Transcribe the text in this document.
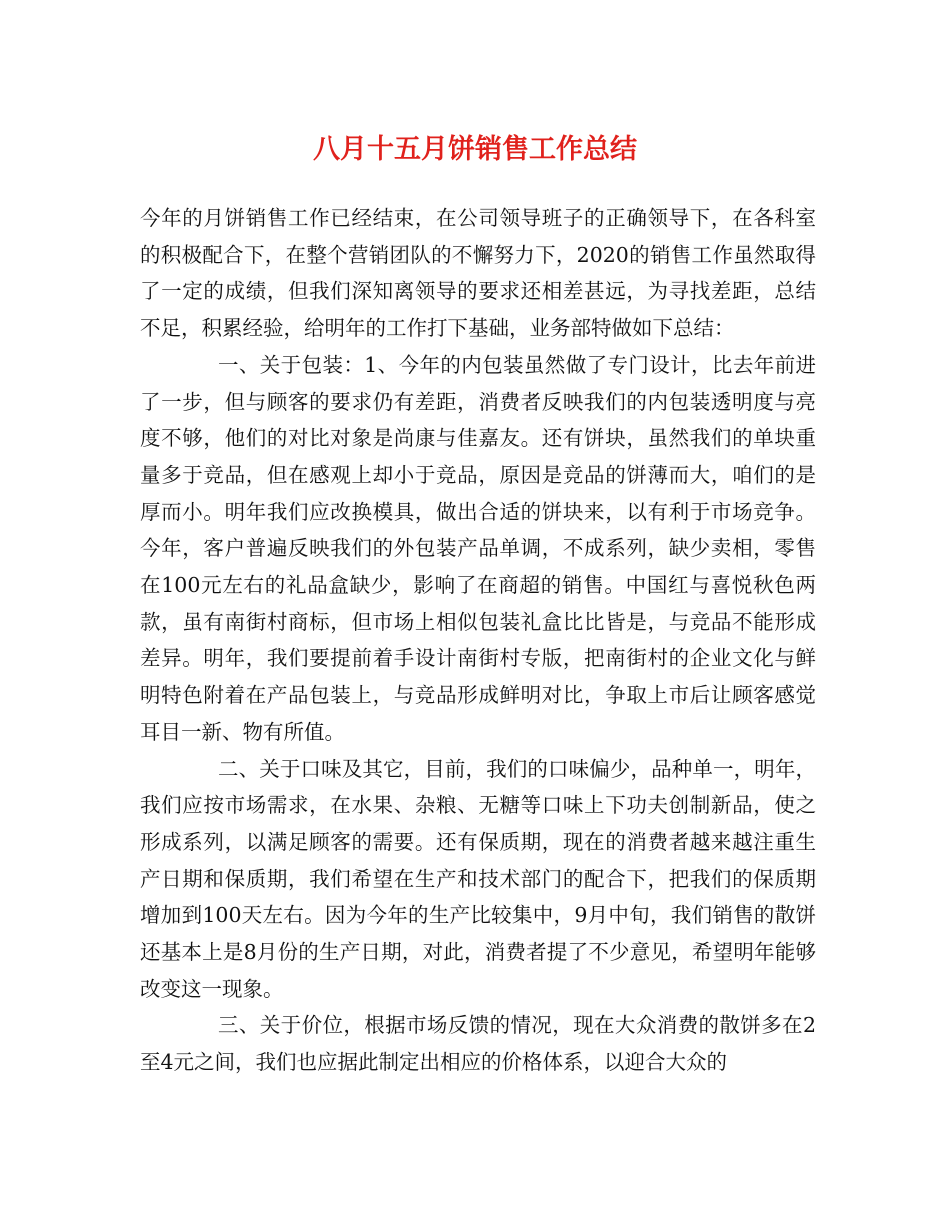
八月十五月饼销售工作总结

今年的月饼销售工作已经结束，在公司领导班子的正确领导下，在各科室的积极配合下，在整个营销团队的不懈努力下，2020的销售工作虽然取得了一定的成绩，但我们深知离领导的要求还相差甚远，为寻找差距，总结不足，积累经验，给明年的工作打下基础，业务部特做如下总结：

一、关于包装：1、今年的内包装虽然做了专门设计，比去年前进了一步，但与顾客的要求仍有差距，消费者反映我们的内包装透明度与亮度不够，他们的对比对象是尚康与佳嘉友。还有饼块，虽然我们的单块重量多于竞品，但在感观上却小于竞品，原因是竞品的饼薄而大，咱们的是厚而小。明年我们应改换模具，做出合适的饼块来，以有利于市场竞争。今年，客户普遍反映我们的外包装产品单调，不成系列，缺少卖相，零售在100元左右的礼品盒缺少，影响了在商超的销售。中国红与喜悦秋色两款，虽有南街村商标，但市场上相似包装礼盒比比皆是，与竞品不能形成差异。明年，我们要提前着手设计南街村专版，把南街村的企业文化与鲜明特色附着在产品包装上，与竞品形成鲜明对比，争取上市后让顾客感觉耳目一新、物有所值。

二、关于口味及其它，目前，我们的口味偏少，品种单一，明年，我们应按市场需求，在水果、杂粮、无糖等口味上下功夫创制新品，使之形成系列，以满足顾客的需要。还有保质期，现在的消费者越来越注重生产日期和保质期，我们希望在生产和技术部门的配合下，把我们的保质期增加到100天左右。因为今年的生产比较集中，9月中旬，我们销售的散饼还基本上是8月份的生产日期，对此，消费者提了不少意见，希望明年能够改变这一现象。

三、关于价位，根据市场反馈的情况，现在大众消费的散饼多在2至4元之间，我们也应据此制定出相应的价格体系，以迎合大众的
